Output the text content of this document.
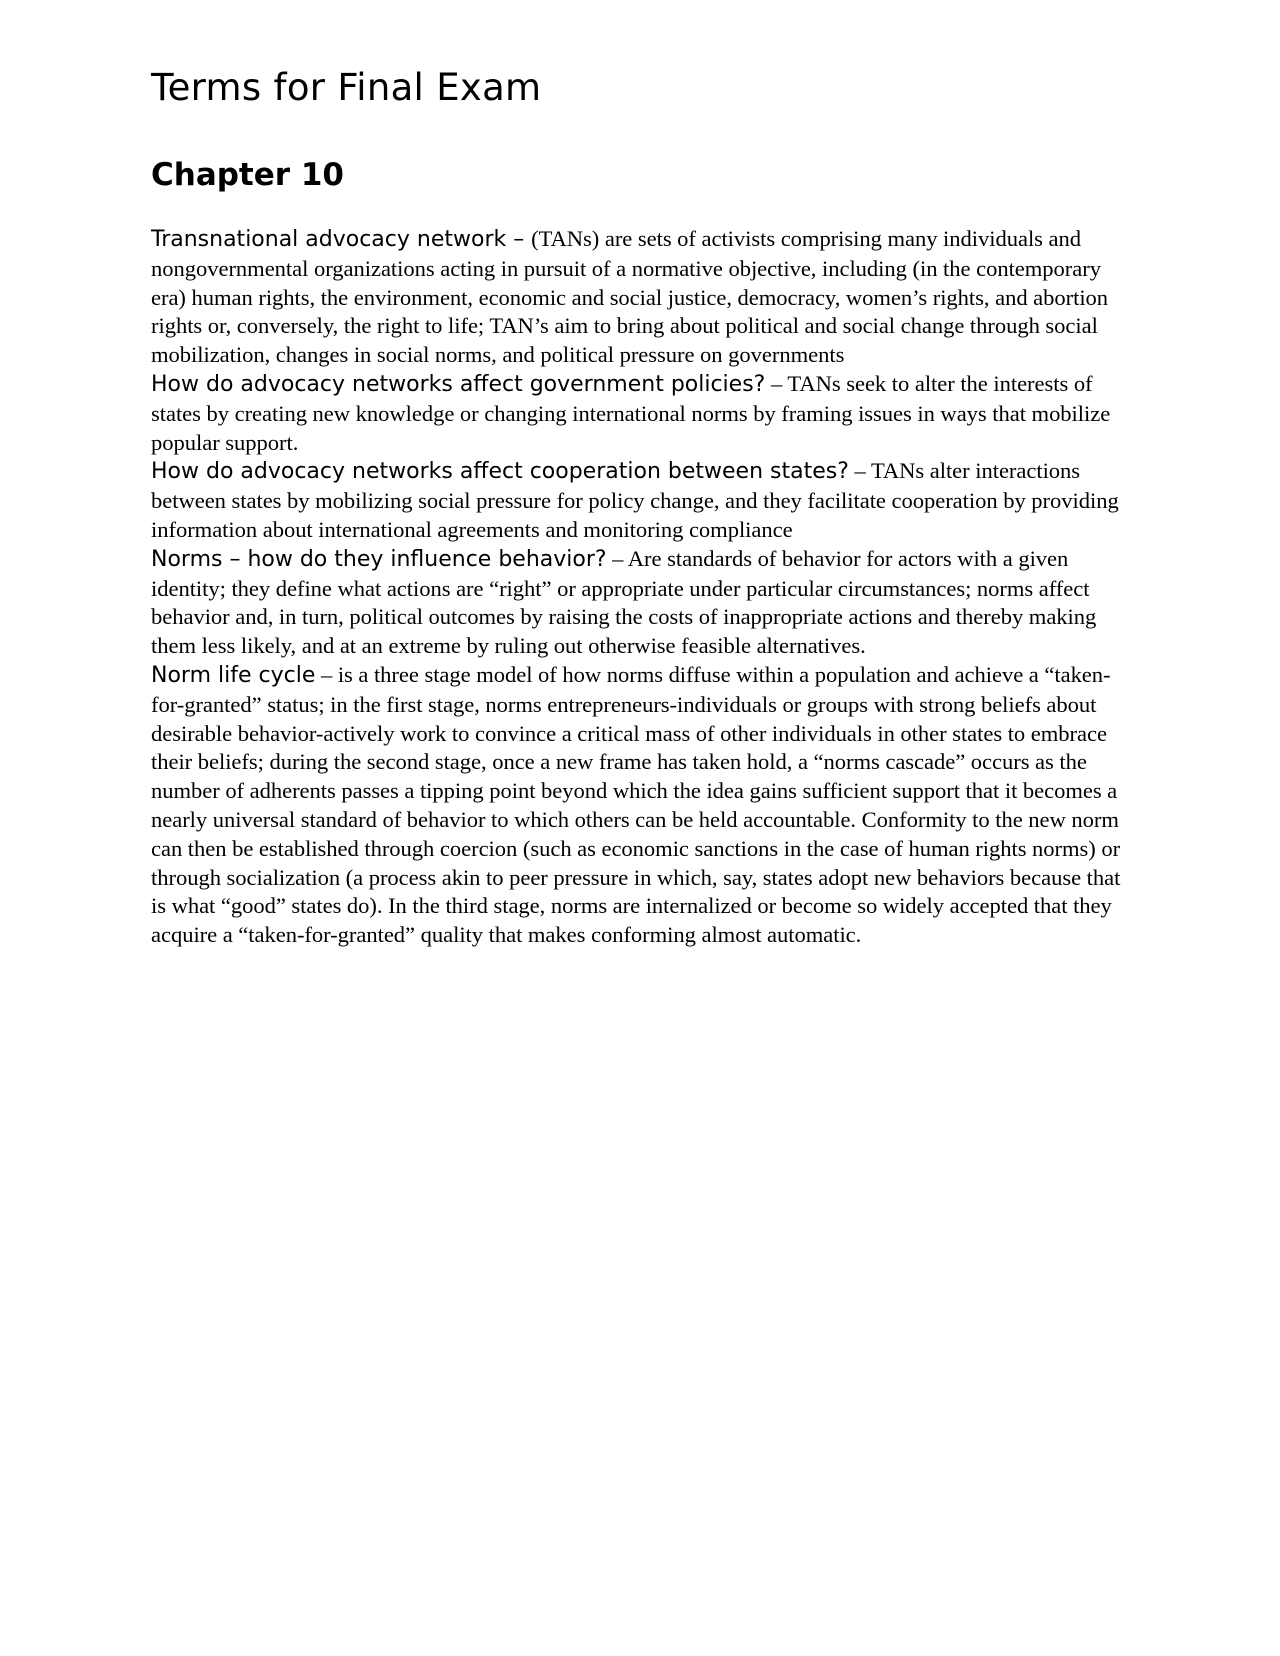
Terms for Final Exam
Chapter 10

Transnational advocacy network – (TANs) are sets of activists comprising many individuals and nongovernmental organizations acting in pursuit of a normative objective, including (in the contemporary era) human rights, the environment, economic and social justice, democracy, women’s rights, and abortion rights or, conversely, the right to life; TAN’s aim to bring about political and social change through social mobilization, changes in social norms, and political pressure on governments

How do advocacy networks affect government policies? – TANs seek to alter the interests of states by creating new knowledge or changing international norms by framing issues in ways that mobilize popular support.

How do advocacy networks affect cooperation between states? – TANs alter interactions between states by mobilizing social pressure for policy change, and they facilitate cooperation by providing information about international agreements and monitoring compliance

Norms – how do they influence behavior? – Are standards of behavior for actors with a given identity; they define what actions are “right” or appropriate under particular circumstances; norms affect behavior and, in turn, political outcomes by raising the costs of inappropriate actions and thereby making them less likely, and at an extreme by ruling out otherwise feasible alternatives.

Norm life cycle – is a three stage model of how norms diffuse within a population and achieve a “taken-for-granted” status; in the first stage, norms entrepreneurs-individuals or groups with strong beliefs about desirable behavior-actively work to convince a critical mass of other individuals in other states to embrace their beliefs; during the second stage, once a new frame has taken hold, a “norms cascade” occurs as the number of adherents passes a tipping point beyond which the idea gains sufficient support that it becomes a nearly universal standard of behavior to which others can be held accountable. Conformity to the new norm can then be established through coercion (such as economic sanctions in the case of human rights norms) or through socialization (a process akin to peer pressure in which, say, states adopt new behaviors because that is what “good” states do). In the third stage, norms are internalized or become so widely accepted that they acquire a “taken-for-granted” quality that makes conforming almost automatic.
